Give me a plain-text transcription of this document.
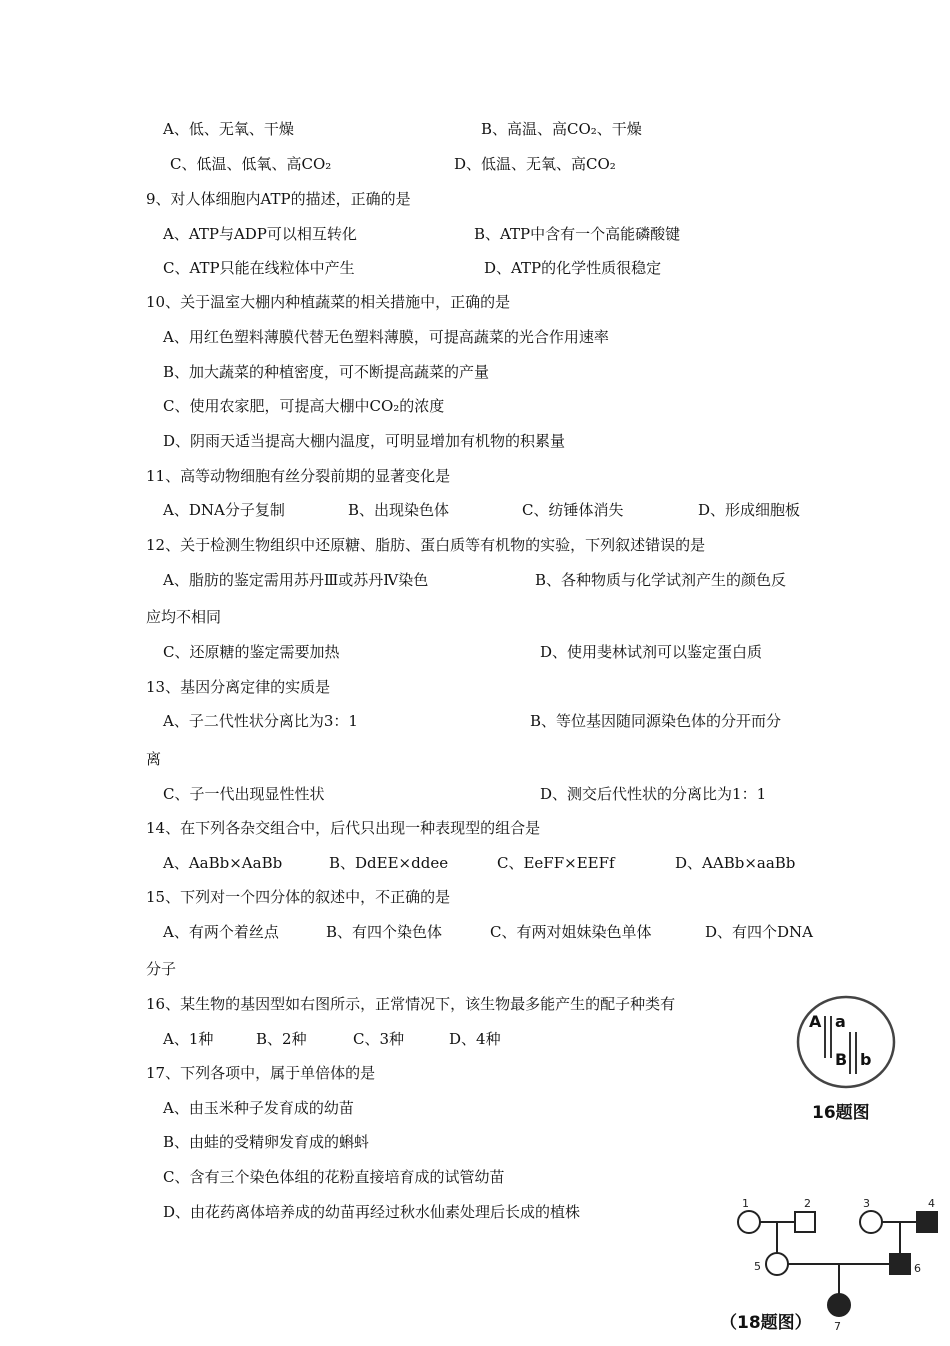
A、低、无氧、干燥	B、高温、高CO₂、干燥
C、低温、低氧、高CO₂	D、低温、无氧、高CO₂
9、对人体细胞内ATP的描述，正确的是
A、ATP与ADP可以相互转化	B、ATP中含有一个高能磷酸键
C、ATP只能在线粒体中产生	D、ATP的化学性质很稳定
10、关于温室大棚内种植蔬菜的相关措施中，正确的是
A、用红色塑料薄膜代替无色塑料薄膜，可提高蔬菜的光合作用速率
B、加大蔬菜的种植密度，可不断提高蔬菜的产量
C、使用农家肥，可提高大棚中CO₂的浓度
D、阴雨天适当提高大棚内温度，可明显增加有机物的积累量
11、高等动物细胞有丝分裂前期的显著变化是
A、DNA分子复制	B、出现染色体	C、纺锤体消失	D、形成细胞板
12、关于检测生物组织中还原糖、脂肪、蛋白质等有机物的实验，下列叙述错误的是
A、脂肪的鉴定需用苏丹Ⅲ或苏丹Ⅳ染色	B、各种物质与化学试剂产生的颜色反
应均不相同
C、还原糖的鉴定需要加热	D、使用斐林试剂可以鉴定蛋白质
13、基因分离定律的实质是
A、子二代性状分离比为3：1	B、等位基因随同源染色体的分开而分
离
C、子一代出现显性性状	D、测交后代性状的分离比为1：1
14、在下列各杂交组合中，后代只出现一种表现型的组合是
A、AaBb×AaBb	B、DdEE×ddee	C、EeFF×EEFf	D、AABb×aaBb
15、下列对一个四分体的叙述中，不正确的是
A、有两个着丝点	B、有四个染色体	C、有两对姐妹染色单体	D、有四个DNA
分子
16、某生物的基因型如右图所示，正常情况下，该生物最多能产生的配子种类有
A、1种	B、2种	C、3种	D、4种
17、下列各项中，属于单倍体的是
A、由玉米种子发育成的幼苗
B、由蛙的受精卵发育成的蝌蚪
C、含有三个染色体组的花粉直接培育成的试管幼苗
D、由花药离体培养成的幼苗再经过秋水仙素处理后长成的植株
A a
B b
16题图
1	2	3	4
5	6
7
（18题图）
